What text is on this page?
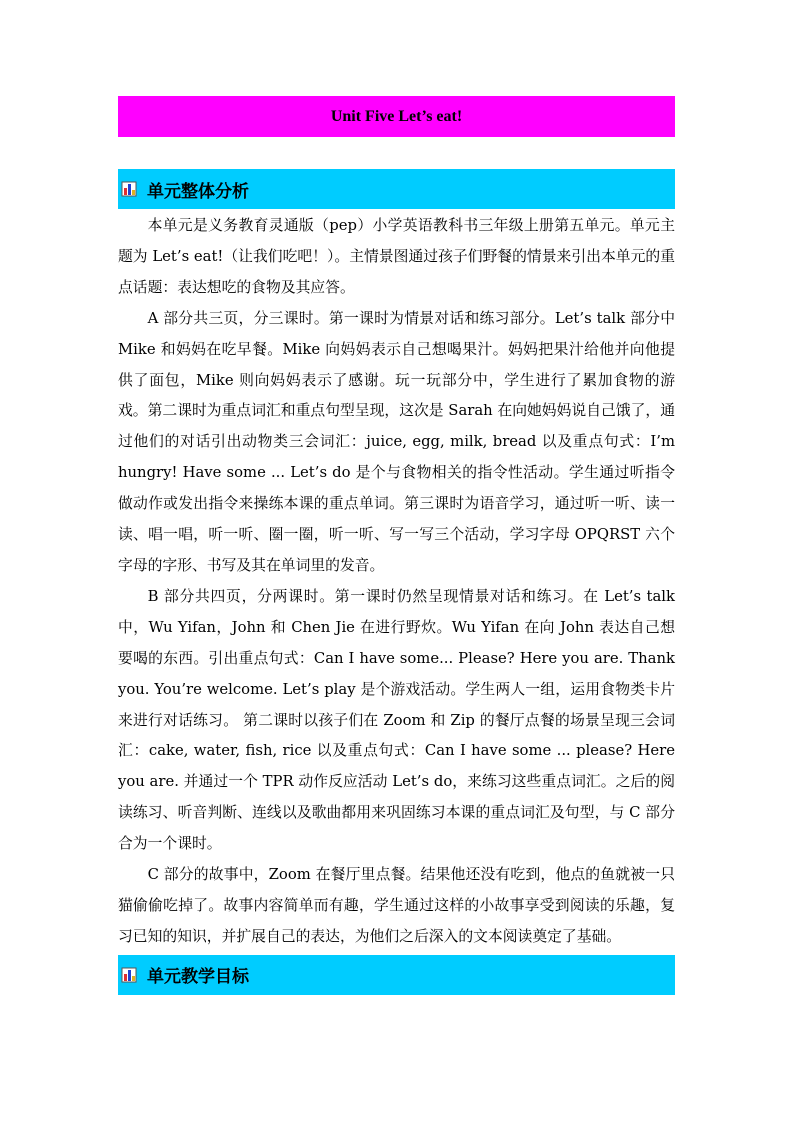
Unit Five Let’s eat!
单元整体分析

本单元是义务教育灵通版（pep）小学英语教科书三年级上册第五单元。单元主题为 Let’s eat!（让我们吃吧！）。主情景图通过孩子们野餐的情景来引出本单元的重点话题：表达想吃的食物及其应答。

A 部分共三页，分三课时。第一课时为情景对话和练习部分。Let’s talk 部分中 Mike 和妈妈在吃早餐。Mike 向妈妈表示自己想喝果汁。妈妈把果汁给他并向他提供了面包，Mike 则向妈妈表示了感谢。玩一玩部分中，学生进行了累加食物的游戏。第二课时为重点词汇和重点句型呈现，这次是 Sarah 在向她妈妈说自己饿了，通过他们的对话引出动物类三会词汇：juice, egg, milk, bread 以及重点句式：I’m hungry! Have some ... Let’s do 是个与食物相关的指令性活动。学生通过听指令做动作或发出指令来操练本课的重点单词。第三课时为语音学习，通过听一听、读一读、唱一唱，听一听、圈一圈，听一听、写一写三个活动，学习字母 OPQRST 六个字母的字形、书写及其在单词里的发音。

B 部分共四页，分两课时。第一课时仍然呈现情景对话和练习。在 Let’s talk 中，Wu Yifan，John 和 Chen Jie 在进行野炊。Wu Yifan 在向 John 表达自己想要喝的东西。引出重点句式：Can I have some... Please? Here you are. Thank you. You’re welcome. Let’s play 是个游戏活动。学生两人一组，运用食物类卡片来进行对话练习。 第二课时以孩子们在 Zoom 和 Zip 的餐厅点餐的场景呈现三会词汇：cake, water, fish, rice 以及重点句式：Can I have some ... please? Here you are. 并通过一个 TPR 动作反应活动 Let’s do，来练习这些重点词汇。之后的阅读练习、听音判断、连线以及歌曲都用来巩固练习本课的重点词汇及句型，与 C 部分合为一个课时。

C 部分的故事中，Zoom 在餐厅里点餐。结果他还没有吃到，他点的鱼就被一只猫偷偷吃掉了。故事内容简单而有趣，学生通过这样的小故事享受到阅读的乐趣，复习已知的知识，并扩展自己的表达，为他们之后深入的文本阅读奠定了基础。

单元教学目标
